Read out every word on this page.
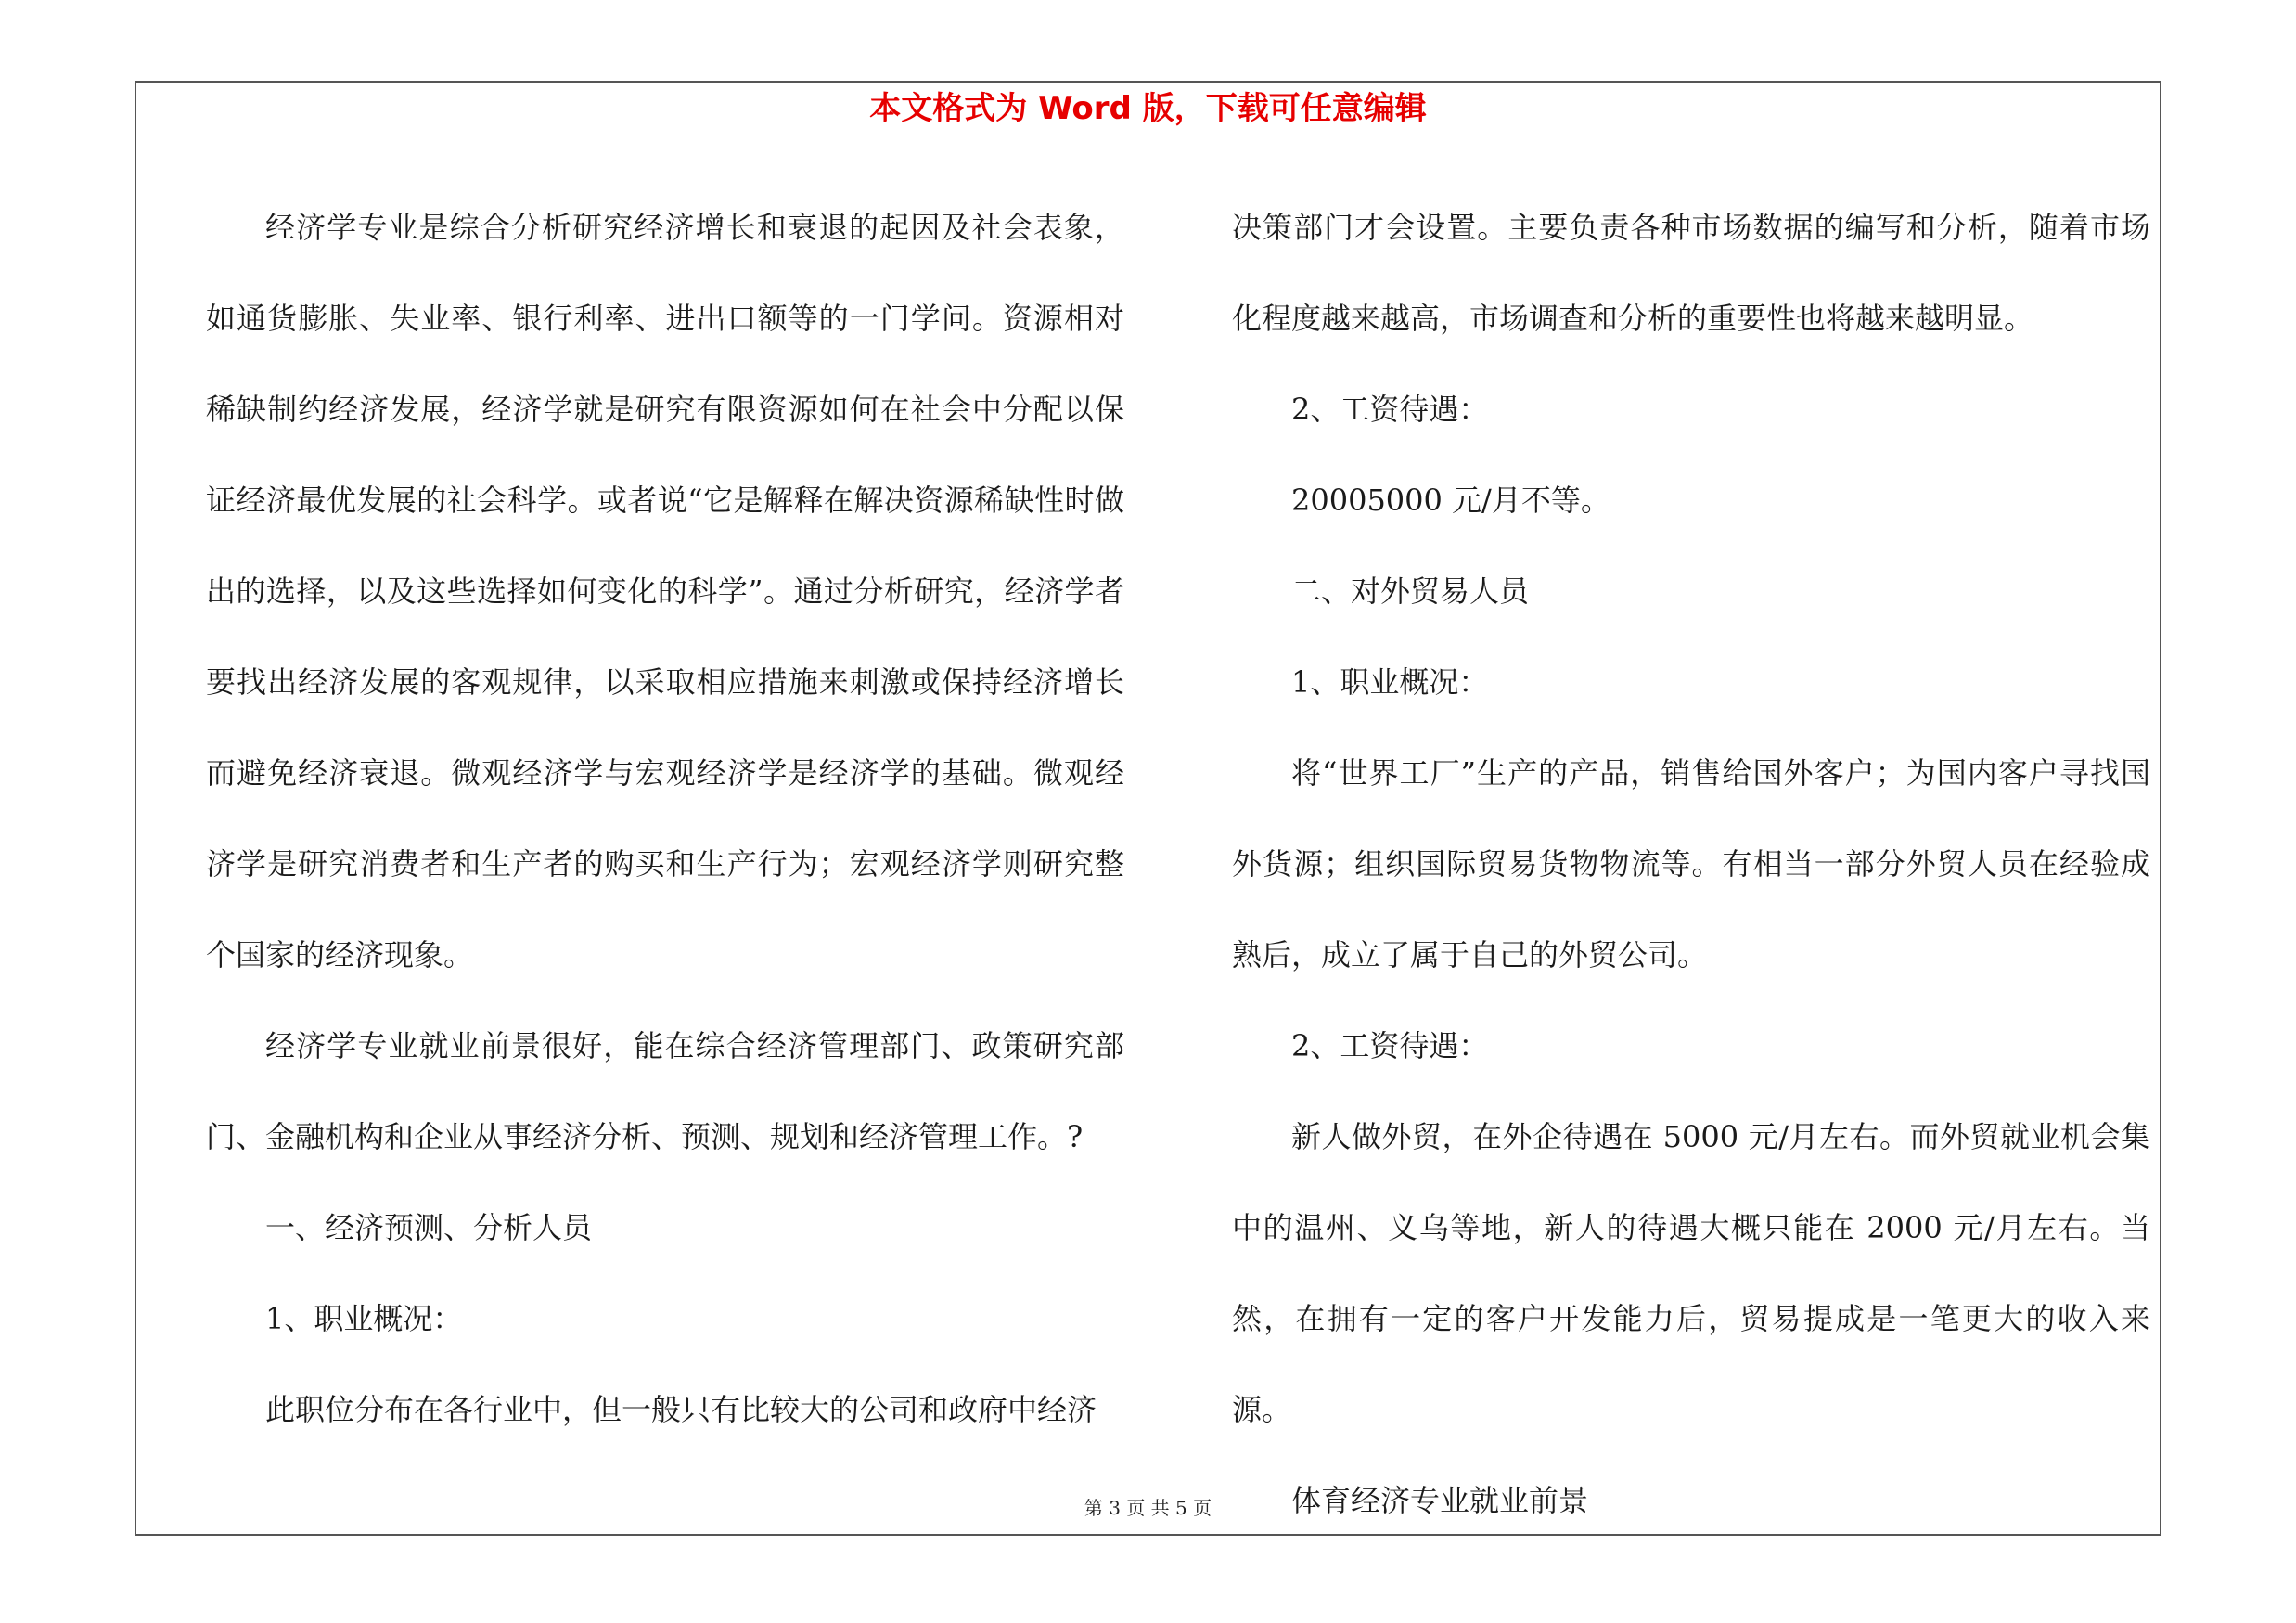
本文格式为 Word 版，下载可任意编辑

经济学专业是综合分析研究经济增长和衰退的起因及社会表象，如通货膨胀、失业率、银行利率、进出口额等的一门学问。资源相对稀缺制约经济发展，经济学就是研究有限资源如何在社会中分配以保证经济最优发展的社会科学。或者说“它是解释在解决资源稀缺性时做出的选择，以及这些选择如何变化的科学”。通过分析研究，经济学者要找出经济发展的客观规律，以采取相应措施来刺激或保持经济增长而避免经济衰退。微观经济学与宏观经济学是经济学的基础。微观经济学是研究消费者和生产者的购买和生产行为；宏观经济学则研究整个国家的经济现象。

经济学专业就业前景很好，能在综合经济管理部门、政策研究部门、金融机构和企业从事经济分析、预测、规划和经济管理工作。?

一、经济预测、分析人员

1、职业概况：

此职位分布在各行业中，但一般只有比较大的公司和政府中经济

决策部门才会设置。主要负责各种市场数据的编写和分析，随着市场化程度越来越高，市场调查和分析的重要性也将越来越明显。

2、工资待遇：

20005000 元/月不等。

二、对外贸易人员

1、职业概况：

将“世界工厂”生产的产品，销售给国外客户；为国内客户寻找国外货源；组织国际贸易货物物流等。有相当一部分外贸人员在经验成熟后，成立了属于自己的外贸公司。

2、工资待遇：

新人做外贸，在外企待遇在 5000 元/月左右。而外贸就业机会集中的温州、义乌等地，新人的待遇大概只能在 2000 元/月左右。当然，在拥有一定的客户开发能力后，贸易提成是一笔更大的收入来源。

体育经济专业就业前景

第 3 页 共 5 页
